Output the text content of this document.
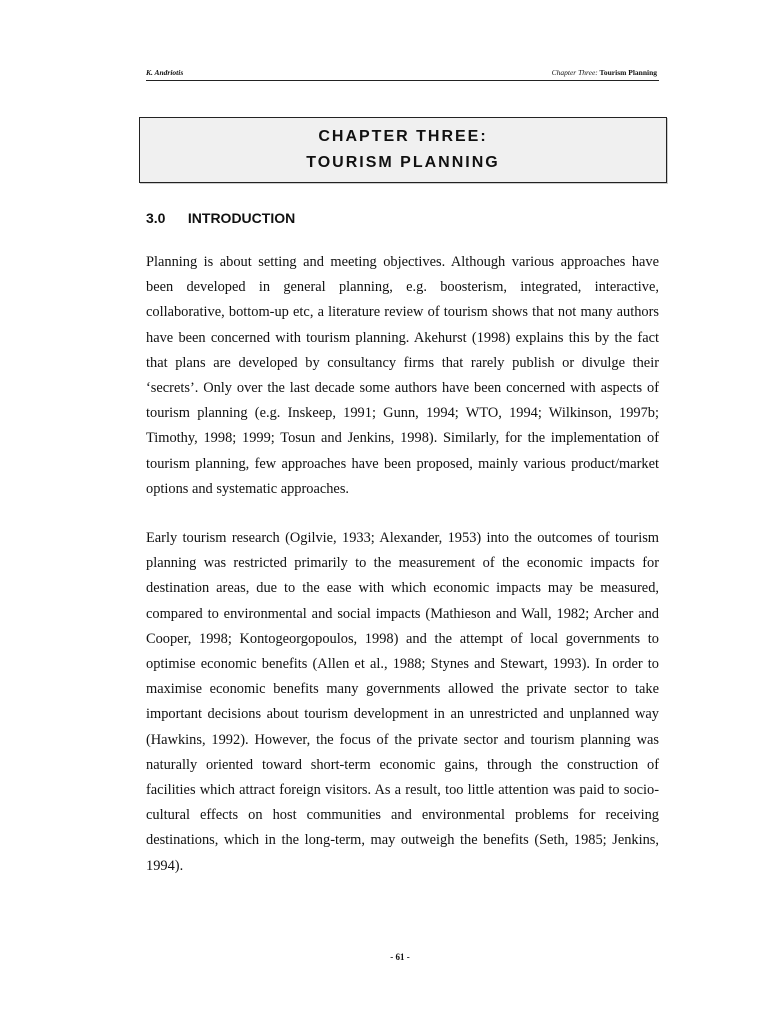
K. Andriotis	Chapter Three: Tourism Planning
CHAPTER THREE:
TOURISM PLANNING
3.0 INTRODUCTION

Planning is about setting and meeting objectives. Although various approaches have been developed in general planning, e.g. boosterism, integrated, interactive, collaborative, bottom-up etc, a literature review of tourism shows that not many authors have been concerned with tourism planning. Akehurst (1998) explains this by the fact that plans are developed by consultancy firms that rarely publish or divulge their ‘secrets’. Only over the last decade some authors have been concerned with aspects of tourism planning (e.g. Inskeep, 1991; Gunn, 1994; WTO, 1994; Wilkinson, 1997b; Timothy, 1998; 1999; Tosun and Jenkins, 1998). Similarly, for the implementation of tourism planning, few approaches have been proposed, mainly various product/market options and systematic approaches.

Early tourism research (Ogilvie, 1933; Alexander, 1953) into the outcomes of tourism planning was restricted primarily to the measurement of the economic impacts for destination areas, due to the ease with which economic impacts may be measured, compared to environmental and social impacts (Mathieson and Wall, 1982; Archer and Cooper, 1998; Kontogeorgopoulos, 1998) and the attempt of local governments to optimise economic benefits (Allen et al., 1988; Stynes and Stewart, 1993). In order to maximise economic benefits many governments allowed the private sector to take important decisions about tourism development in an unrestricted and unplanned way (Hawkins, 1992). However, the focus of the private sector and tourism planning was naturally oriented toward short-term economic gains, through the construction of facilities which attract foreign visitors. As a result, too little attention was paid to socio-cultural effects on host communities and environmental problems for receiving destinations, which in the long-term, may outweigh the benefits (Seth, 1985; Jenkins, 1994).

- 61 -
